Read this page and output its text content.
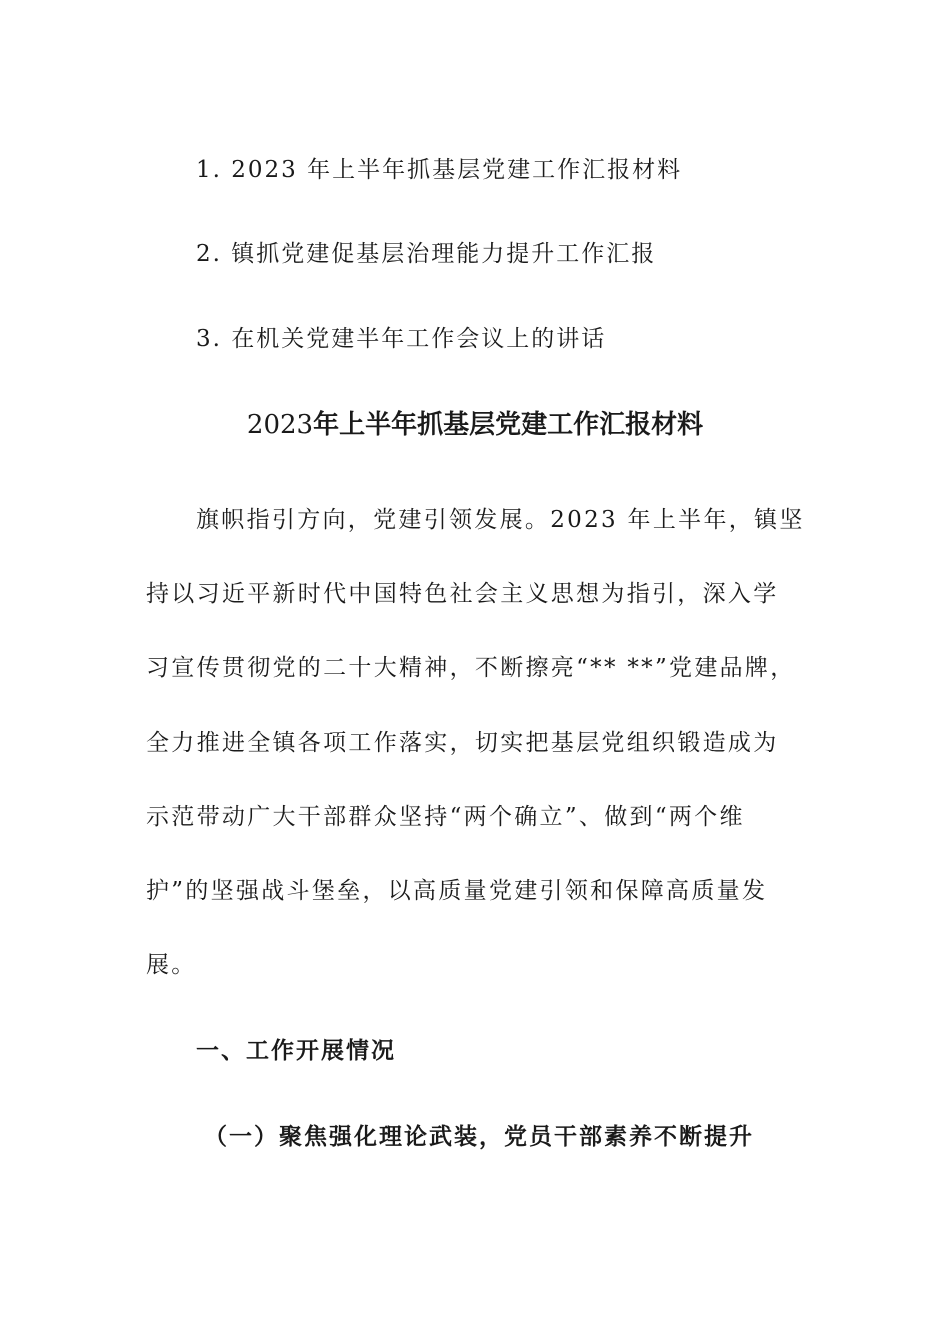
1. 2023 年上半年抓基层党建工作汇报材料
2. 镇抓党建促基层治理能力提升工作汇报
3. 在机关党建半年工作会议上的讲话
2023年上半年抓基层党建工作汇报材料
旗帜指引方向，党建引领发展。2023 年上半年，镇坚
持以习近平新时代中国特色社会主义思想为指引，深入学
习宣传贯彻党的二十大精神，不断擦亮“** **”党建品牌，
全力推进全镇各项工作落实，切实把基层党组织锻造成为
示范带动广大干部群众坚持“两个确立”、做到“两个维
护”的坚强战斗堡垒，以高质量党建引领和保障高质量发
展。
一、工作开展情况
（一）聚焦强化理论武装，党员干部素养不断提升
